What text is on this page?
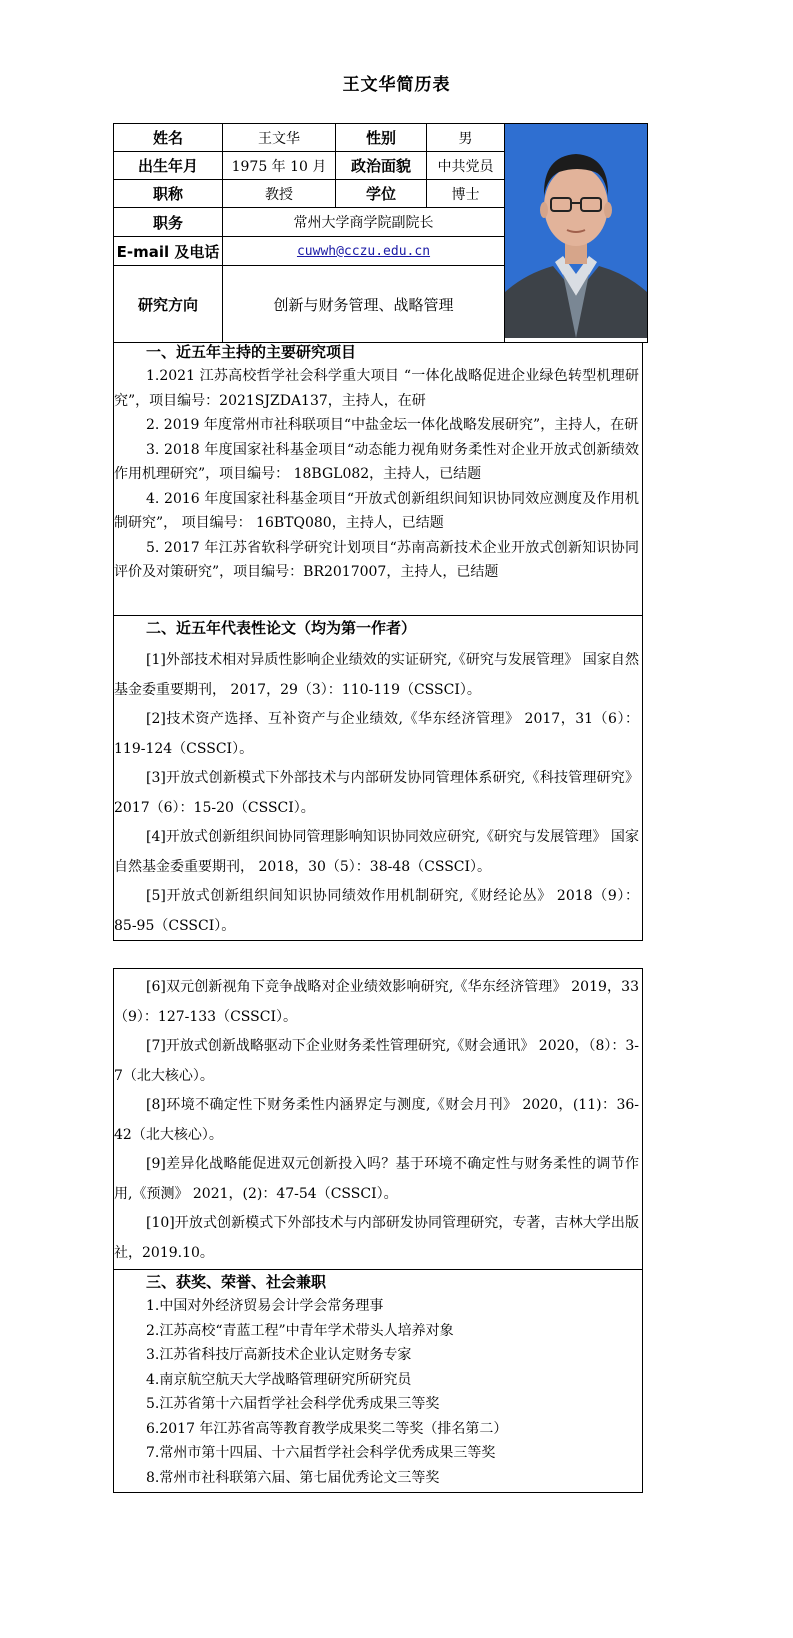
王文华简历表
姓名	王文华	性别	男
出生年月	1975 年 10 月	政治面貌	中共党员
职称	教授	学位	博士
职务	常州大学商学院副院长
E-mail 及电话	cuwwh@cczu.edu.cn
研究方向	创新与财务管理、战略管理
一、近五年主持的主要研究项目

1.2021 江苏高校哲学社会科学重大项目 “一体化战略促进企业绿色转型机理研究”，项目编号：2021SJZDA137，主持人，在研

2. 2019 年度常州市社科联项目“中盐金坛一体化战略发展研究”，主持人，在研

3. 2018 年度国家社科基金项目“动态能力视角财务柔性对企业开放式创新绩效作用机理研究”，项目编号： 18BGL082，主持人，已结题

4. 2016 年度国家社科基金项目“开放式创新组织间知识协同效应测度及作用机制研究”， 项目编号： 16BTQ080，主持人，已结题

5. 2017 年江苏省软科学研究计划项目“苏南高新技术企业开放式创新知识协同评价及对策研究”，项目编号：BR2017007，主持人，已结题

二、近五年代表性论文（均为第一作者）

[1]外部技术相对异质性影响企业绩效的实证研究,《研究与发展管理》 国家自然基金委重要期刊， 2017，29（3）：110-119（CSSCI）。

[2]技术资产选择、互补资产与企业绩效,《华东经济管理》 2017，31（6）：119-124（CSSCI）。

[3]开放式创新模式下外部技术与内部研发协同管理体系研究,《科技管理研究》 2017（6）：15-20（CSSCI）。

[4]开放式创新组织间协同管理影响知识协同效应研究,《研究与发展管理》 国家自然基金委重要期刊， 2018，30（5）：38-48（CSSCI）。

[5]开放式创新组织间知识协同绩效作用机制研究,《财经论丛》 2018（9）：85-95（CSSCI）。

[6]双元创新视角下竞争战略对企业绩效影响研究,《华东经济管理》 2019，33（9）：127-133（CSSCI）。

[7]开放式创新战略驱动下企业财务柔性管理研究,《财会通讯》 2020，（8）：3-7（北大核心）。

[8]环境不确定性下财务柔性内涵界定与测度,《财会月刊》 2020，(11)：36-42（北大核心）。

[9]差异化战略能促进双元创新投入吗？基于环境不确定性与财务柔性的调节作用,《预测》 2021，(2)：47-54（CSSCI）。

[10]开放式创新模式下外部技术与内部研发协同管理研究，专著，吉林大学出版社，2019.10。

三、获奖、荣誉、社会兼职

1.中国对外经济贸易会计学会常务理事

2.江苏高校“青蓝工程”中青年学术带头人培养对象

3.江苏省科技厅高新技术企业认定财务专家

4.南京航空航天大学战略管理研究所研究员

5.江苏省第十六届哲学社会科学优秀成果三等奖

6.2017 年江苏省高等教育教学成果奖二等奖（排名第二）

7.常州市第十四届、十六届哲学社会科学优秀成果三等奖

8.常州市社科联第六届、第七届优秀论文三等奖
